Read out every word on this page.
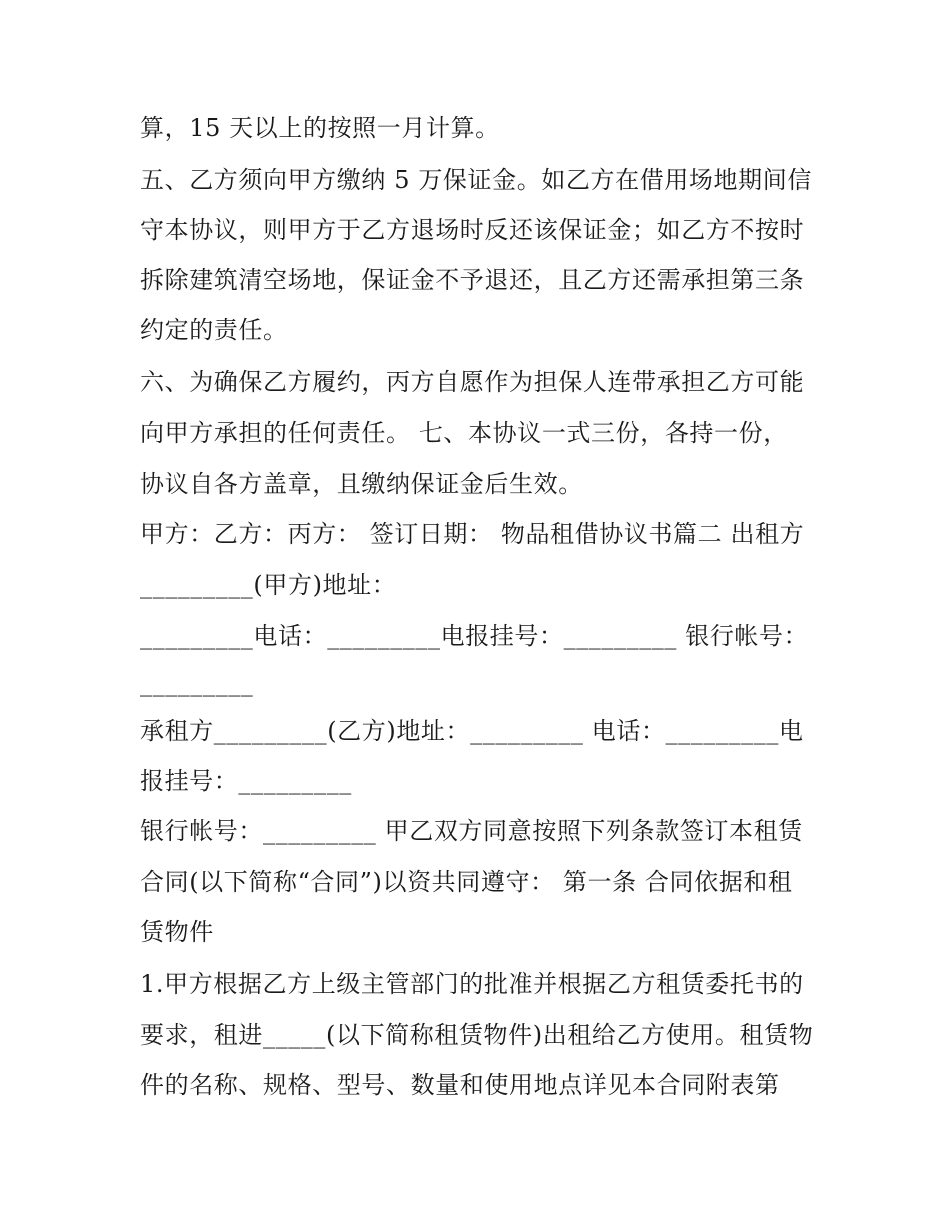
算，15 天以上的按照一月计算。
五、乙方须向甲方缴纳 5 万保证金。如乙方在借用场地期间信
守本协议，则甲方于乙方退场时反还该保证金；如乙方不按时
拆除建筑清空场地，保证金不予退还，且乙方还需承担第三条
约定的责任。
六、为确保乙方履约，丙方自愿作为担保人连带承担乙方可能
向甲方承担的任何责任。 七、本协议一式三份，各持一份，
协议自各方盖章，且缴纳保证金后生效。
甲方：乙方：丙方： 签订日期： 物品租借协议书篇二 出租方
_________(甲方)地址：
_________电话：_________电报挂号：_________ 银行帐号：
_________
承租方_________(乙方)地址：_________ 电话：_________电
报挂号：_________
银行帐号：_________ 甲乙双方同意按照下列条款签订本租赁
合同(以下简称“合同”)以资共同遵守： 第一条 合同依据和租
赁物件
1.甲方根据乙方上级主管部门的批准并根据乙方租赁委托书的
要求，租进_____(以下简称租赁物件)出租给乙方使用。租赁物
件的名称、规格、型号、数量和使用地点详见本合同附表第
